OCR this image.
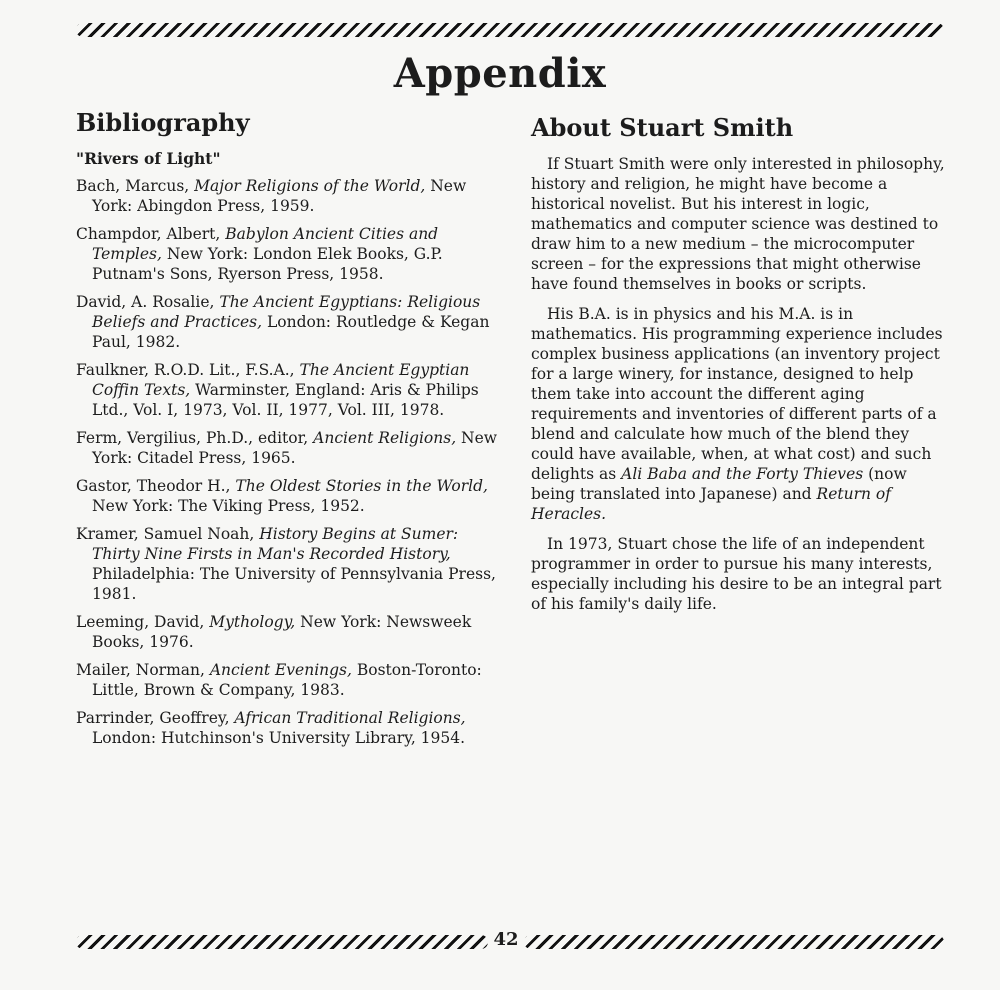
Appendix
Bibliography
"Rivers of Light"
Bach, Marcus, Major Religions of the World, New York: Abingdon Press, 1959.
Champdor, Albert, Babylon Ancient Cities and Temples, New York: London Elek Books, G.P. Putnam's Sons, Ryerson Press, 1958.
David, A. Rosalie, The Ancient Egyptians: Religious Beliefs and Practices, London: Routledge & Kegan Paul, 1982.
Faulkner, R.O.D. Lit., F.S.A., The Ancient Egyptian Coffin Texts, Warminster, England: Aris & Philips Ltd., Vol. I, 1973, Vol. II, 1977, Vol. III, 1978.
Ferm, Vergilius, Ph.D., editor, Ancient Religions, New York: Citadel Press, 1965.
Gastor, Theodor H., The Oldest Stories in the World, New York: The Viking Press, 1952.
Kramer, Samuel Noah, History Begins at Sumer: Thirty Nine Firsts in Man's Recorded History, Philadelphia: The University of Pennsylvania Press, 1981.
Leeming, David, Mythology, New York: Newsweek Books, 1976.
Mailer, Norman, Ancient Evenings, Boston-Toronto: Little, Brown & Company, 1983.
Parrinder, Geoffrey, African Traditional Religions, London: Hutchinson's University Library, 1954.
About Stuart Smith

If Stuart Smith were only interested in philosophy, history and religion, he might have become a historical novelist. But his interest in logic, mathematics and computer science was destined to draw him to a new medium – the microcomputer screen – for the expressions that might otherwise have found themselves in books or scripts.

His B.A. is in physics and his M.A. is in mathematics. His programming experience includes complex business applications (an inventory project for a large winery, for instance, designed to help them take into account the different aging requirements and inventories of different parts of a blend and calculate how much of the blend they could have available, when, at what cost) and such delights as Ali Baba and the Forty Thieves (now being translated into Japanese) and Return of Heracles.

In 1973, Stuart chose the life of an independent programmer in order to pursue his many interests, especially including his desire to be an integral part of his family's daily life.

42
